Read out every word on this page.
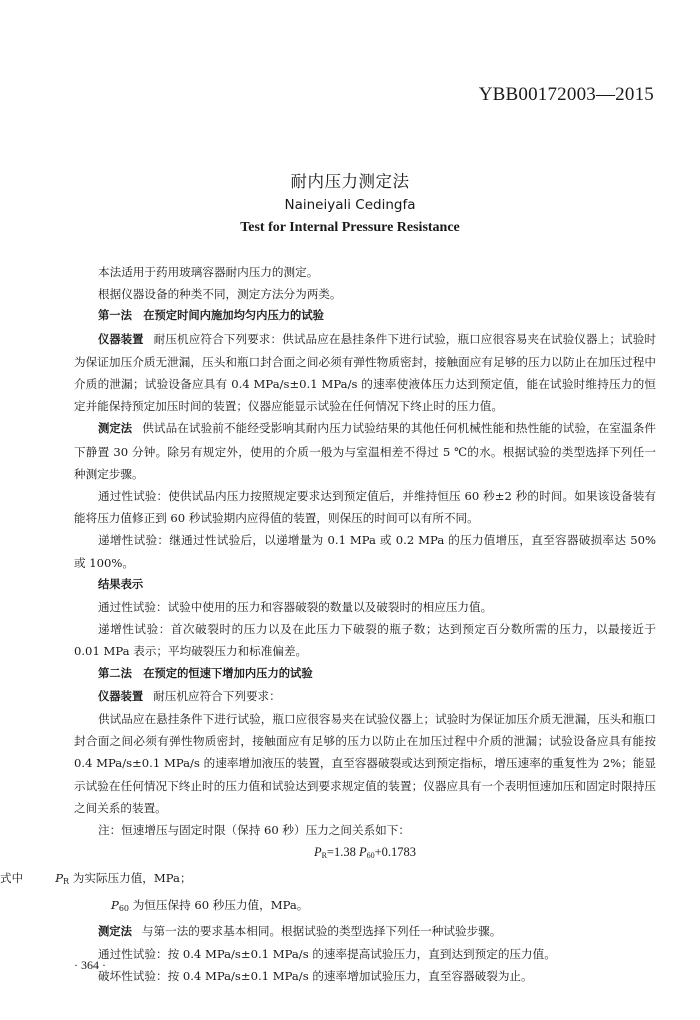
YBB00172003—2015
耐内压力测定法
Naineiyali Cedingfa
Test for Internal Pressure Resistance

本法适用于药用玻璃容器耐内压力的测定。

根据仪器设备的种类不同，测定方法分为两类。

第一法　在预定时间内施加均匀内压力的试验

仪器装置 耐压机应符合下列要求：供试品应在悬挂条件下进行试验，瓶口应很容易夹在试验仪器上；试验时为保证加压介质无泄漏，压头和瓶口封合面之间必须有弹性物质密封，接触面应有足够的压力以防止在加压过程中介质的泄漏；试验设备应具有 0.4 MPa/s±0.1 MPa/s 的速率使液体压力达到预定值，能在试验时维持压力的恒定并能保持预定加压时间的装置；仪器应能显示试验在任何情况下终止时的压力值。

测定法 供试品在试验前不能经受影响其耐内压力试验结果的其他任何机械性能和热性能的试验，在室温条件下静置 30 分钟。除另有规定外，使用的介质一般为与室温相差不得过 5 ℃的水。根据试验的类型选择下列任一种测定步骤。

通过性试验：使供试品内压力按照规定要求达到预定值后，并维持恒压 60 秒±2 秒的时间。如果该设备装有能将压力值修正到 60 秒试验期内应得值的装置，则保压的时间可以有所不同。

递增性试验：继通过性试验后，以递增量为 0.1 MPa 或 0.2 MPa 的压力值增压，直至容器破损率达 50% 或 100%。

结果表示

通过性试验：试验中使用的压力和容器破裂的数量以及破裂时的相应压力值。

递增性试验：首次破裂时的压力以及在此压力下破裂的瓶子数；达到预定百分数所需的压力，以最接近于 0.01 MPa 表示；平均破裂压力和标准偏差。

第二法　在预定的恒速下增加内压力的试验

仪器装置 耐压机应符合下列要求：

供试品应在悬挂条件下进行试验，瓶口应很容易夹在试验仪器上；试验时为保证加压介质无泄漏，压头和瓶口封合面之间必须有弹性物质密封，接触面应有足够的压力以防止在加压过程中介质的泄漏；试验设备应具有能按 0.4 MPa/s±0.1 MPa/s 的速率增加液压的装置，直至容器破裂或达到预定指标，增压速率的重复性为 2%；能显示试验在任何情况下终止时的压力值和试验达到要求规定值的装置；仪器应具有一个表明恒速加压和固定时限持压之间关系的装置。

注：恒速增压与固定时限（保持 60 秒）压力之间关系如下：

$P_R=1.38$ $P_{60}+0.1783$

式中	$P_R$ 为实际压力值，MPa；

$P_{60}$ 为恒压保持 60 秒压力值，MPa。

测定法 与第一法的要求基本相同。根据试验的类型选择下列任一种试验步骤。

通过性试验：按 0.4 MPa/s±0.1 MPa/s 的速率提高试验压力，直到达到预定的压力值。

破坏性试验：按 0.4 MPa/s±0.1 MPa/s 的速率增加试验压力，直至容器破裂为止。

· 364 ·
